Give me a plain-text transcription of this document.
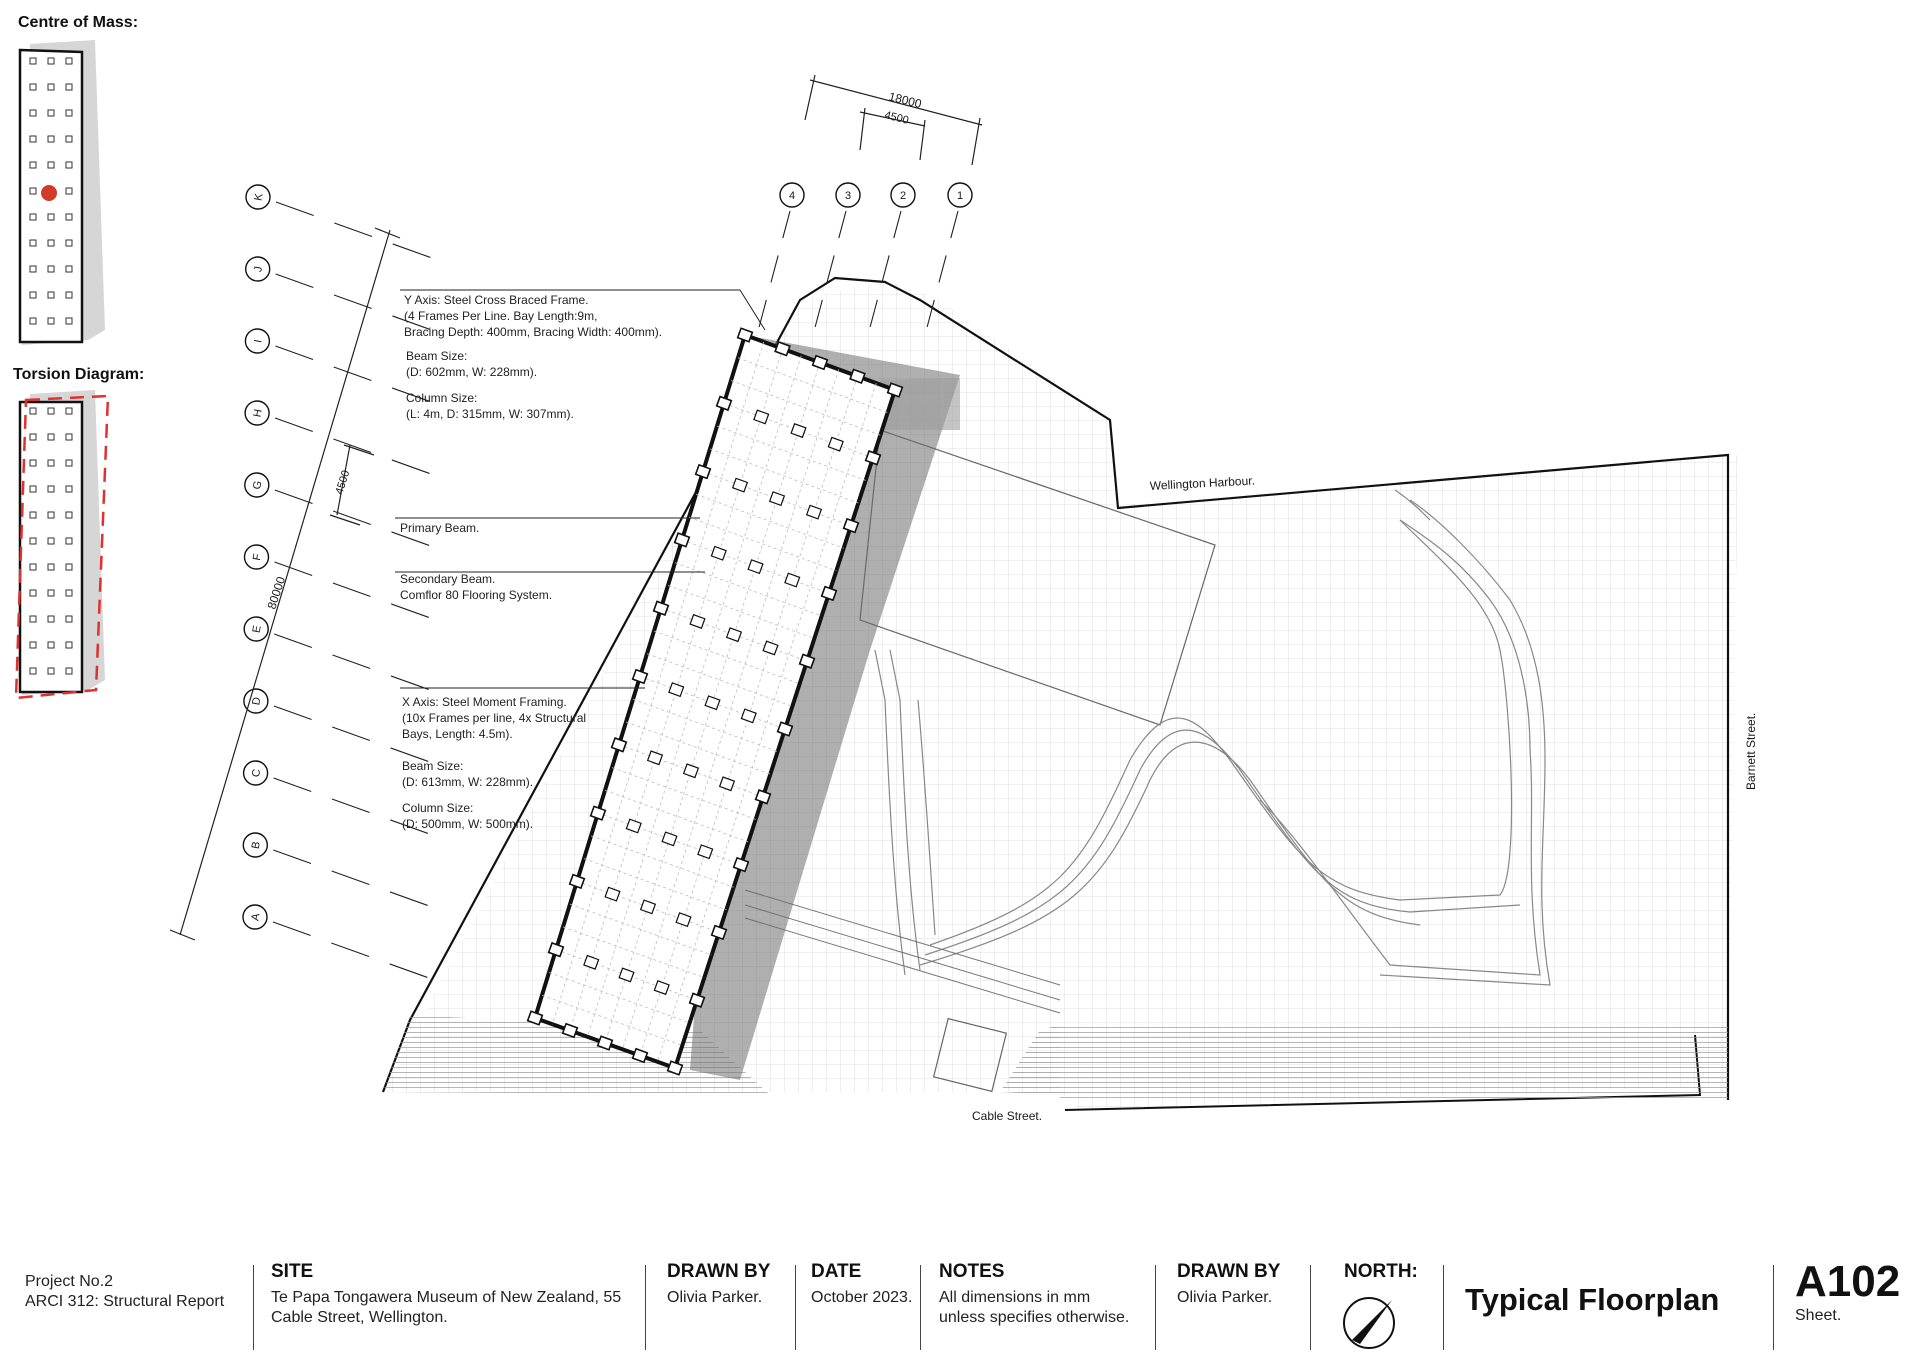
K
J
I
H
G
F
E
D
C
B
A
4	3	2	1
18000
4500
4500
80000
Wellington Harbour.
Barnett Street.
Cable Street.
Centre of Mass:
Torsion Diagram:
Y Axis: Steel Cross Braced Frame.
(4 Frames Per Line. Bay Length:9m,
Bracing Depth: 400mm, Bracing Width: 400mm).
Beam Size:
(D: 602mm, W: 228mm).
Column Size:
(L: 4m, D: 315mm, W: 307mm).
Primary Beam.
Secondary Beam.
Comflor 80 Flooring System.
X Axis: Steel Moment Framing.
(10x Frames per line, 4x Structural
Bays, Length: 4.5m).
Beam Size:
(D: 613mm, W: 228mm).
Column Size:
(D: 500mm, W: 500mm).

Project No.2

ARCI 312: Structural Report

SITE

Te Papa Tongawera Museum of New Zealand, 55

Cable Street, Wellington.

DRAWN BY

Olivia Parker.

DATE

October 2023.

NOTES

All dimensions in mm

unless specifies otherwise.

DRAWN BY

Olivia Parker.

NORTH:
Typical Floorplan A102

Sheet.
